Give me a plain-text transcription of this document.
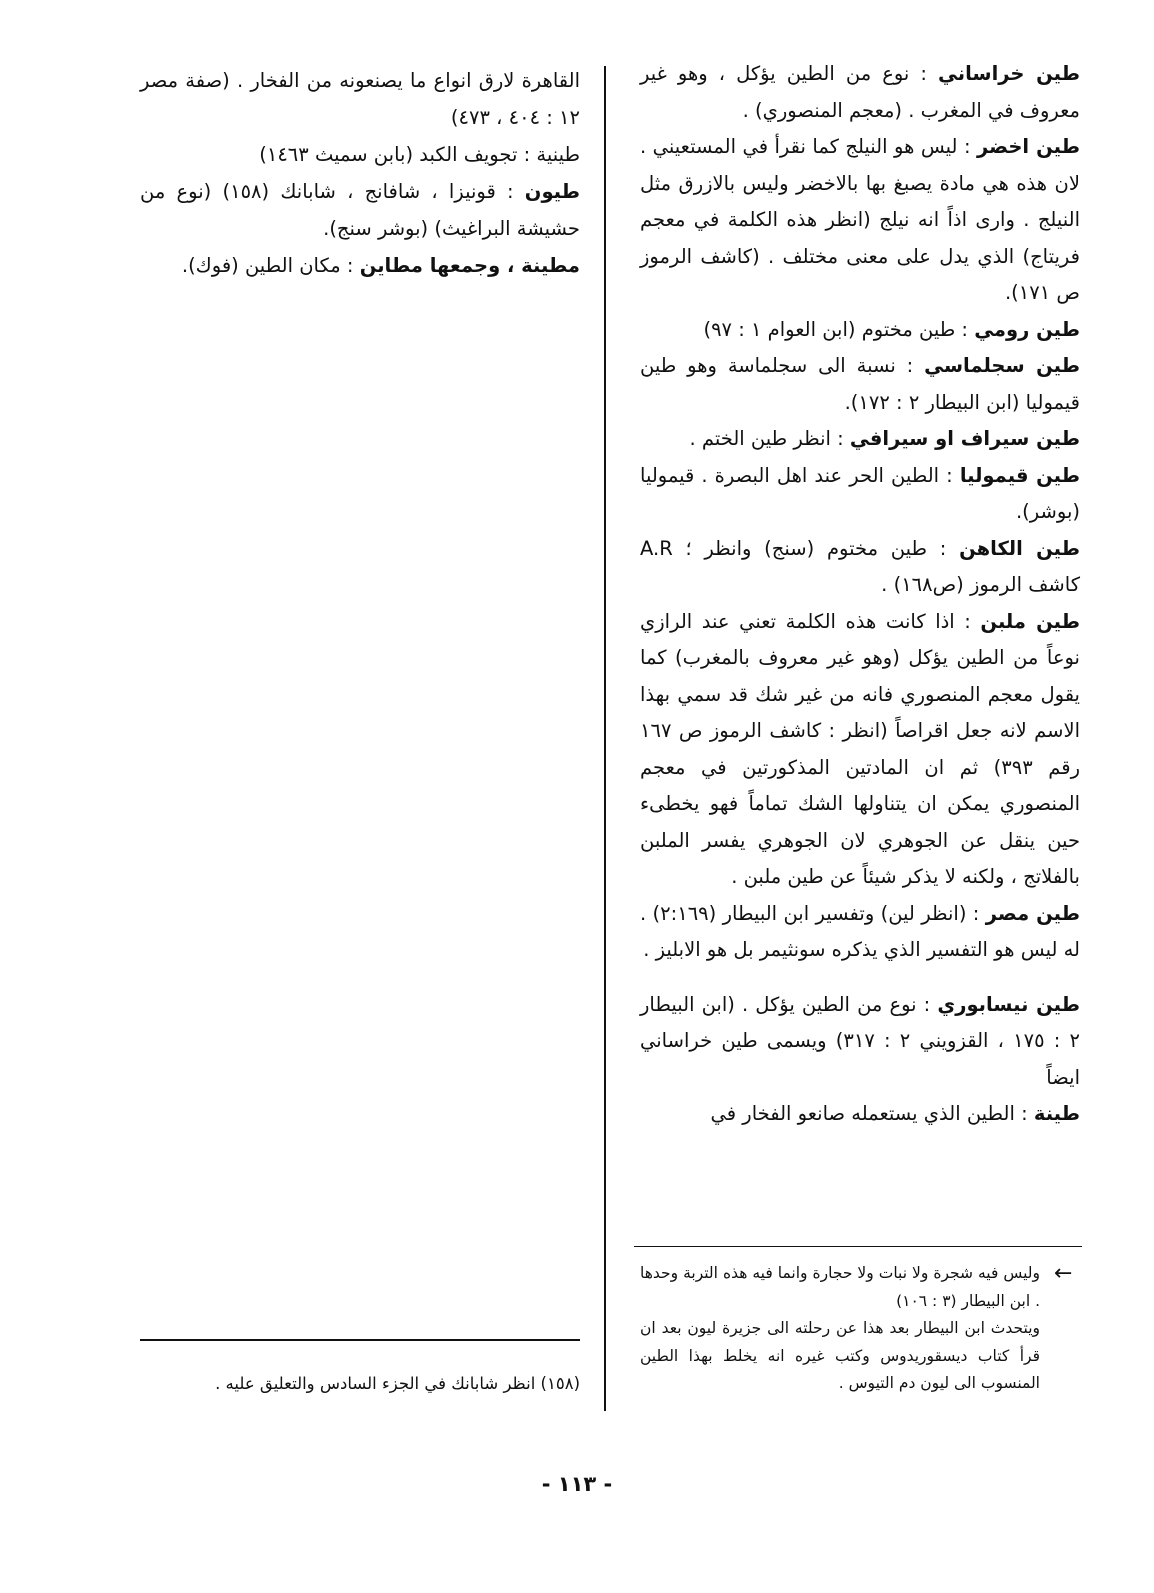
طين خراساني : نوع من الطين يؤكل ، وهو غير معروف في المغرب . (معجم المنصوري) .

طين اخضر : ليس هو النيلج كما نقرأ في المستعيني . لان هذه هي مادة يصبغ بها بالاخضر وليس بالازرق مثل النيلج . وارى اذاً انه نيلج (انظر هذه الكلمة في معجم فريتاج) الذي يدل على معنى مختلف . (كاشف الرموز ص ١٧١).

طين رومي : طين مختوم (ابن العوام ١ : ٩٧)

طين سجلماسي : نسبة الى سجلماسة وهو طين قيموليا (ابن البيطار ٢ : ١٧٢).

طين سيراف او سيرافي : انظر طين الختم .

طين قيموليا : الطين الحر عند اهل البصرة . قيموليا (بوشر).

طين الكاهن : طين مختوم (سنج) وانظر ؛ A.R كاشف الرموز (ص١٦٨) .

طين ملبن : اذا كانت هذه الكلمة تعني عند الرازي نوعاً من الطين يؤكل (وهو غير معروف بالمغرب) كما يقول معجم المنصوري فانه من غير شك قد سمي بهذا الاسم لانه جعل اقراصاً (انظر : كاشف الرموز ص ١٦٧ رقم ٣٩٣) ثم ان المادتين المذكورتين في معجم المنصوري يمكن ان يتناولها الشك تماماً فهو يخطىء حين ينقل عن الجوهري لان الجوهري يفسر الملبن بالفلاتج ، ولكنه لا يذكر شيئاً عن طين ملبن .

طين مصر : (انظر لين) وتفسير ابن البيطار (٢:١٦٩) . له ليس هو التفسير الذي يذكره سونثيمر بل هو الابليز .

طين نيسابوري : نوع من الطين يؤكل . (ابن البيطار ٢ : ١٧٥ ، القزويني ٢ : ٣١٧) ويسمى طين خراساني ايضاً

طينة : الطين الذي يستعمله صانعو الفخار في

القاهرة لارق انواع ما يصنعونه من الفخار . (صفة مصر ١٢ : ٤٠٤ ، ٤٧٣)

طينية : تجويف الكبد (بابن سميث ١٤٦٣)

طيون : قونيزا ، شافانج ، شابانك (١٥٨) (نوع من حشيشة البراغيث) (بوشر سنج).

مطينة ، وجمعها مطاين : مكان الطين (فوك).

←

وليس فيه شجرة ولا نبات ولا حجارة وانما فيه هذه التربة وحدها . ابن البيطار (٣ : ١٠٦)

ويتحدث ابن البيطار بعد هذا عن رحلته الى جزيرة ليون بعد ان قرأ كتاب ديسقوريدوس وكتب غيره انه يخلط بهذا الطين المنسوب الى ليون دم التيوس .

(١٥٨) انظر شابانك في الجزء السادس والتعليق عليه .
- ١١٣ -
